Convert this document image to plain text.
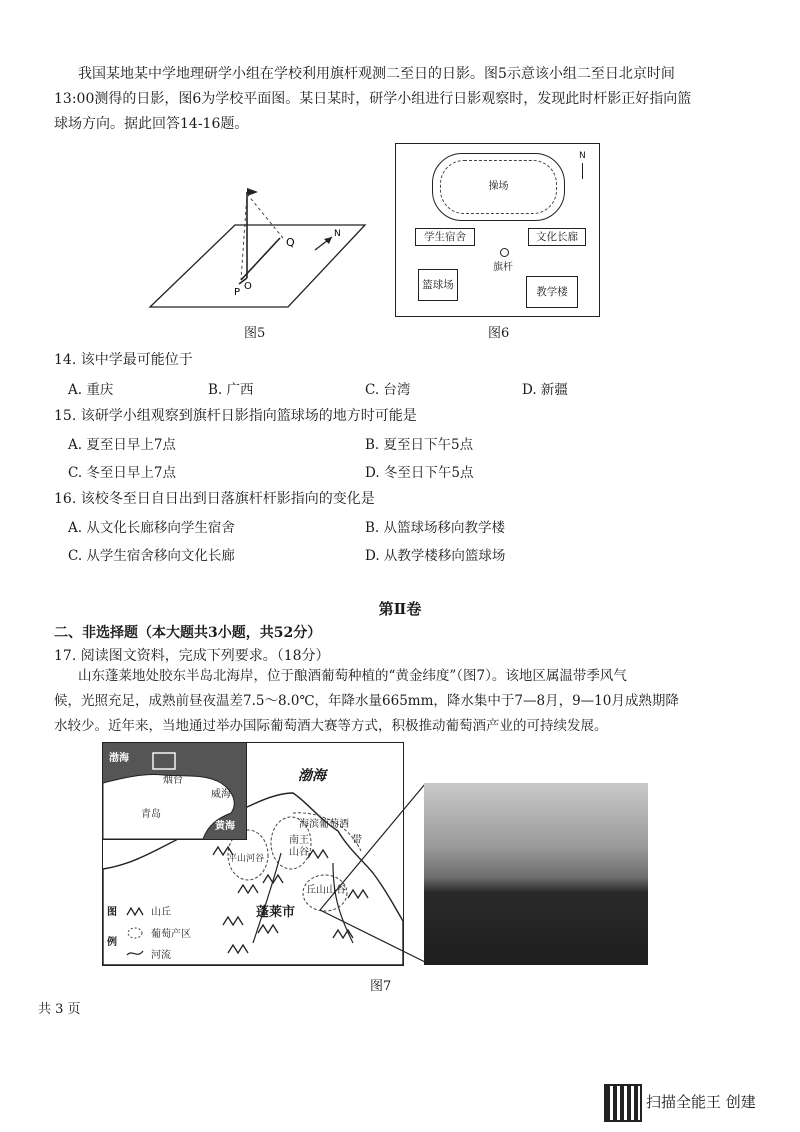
我国某地某中学地理研学小组在学校利用旗杆观测二至日的日影。图5示意该小组二至日北京时间
13:00测得的日影，图6为学校平面图。某日某时，研学小组进行日影观察时，发现此时杆影正好指向篮
球场方向。据此回答14-16题。
Q
O
P
N
图5
操场
学生宿舍	文化长廊
旗杆
篮球场
教学楼
N
图6
14. 该中学最可能位于
A. 重庆	B. 广西	C. 台湾	D. 新疆
15. 该研学小组观察到旗杆日影指向篮球场的地方时可能是
A. 夏至日早上7点	B. 夏至日下午5点
C. 冬至日早上7点	D. 冬至日下午5点
16. 该校冬至日自日出到日落旗杆杆影指向的变化是
A. 从文化长廊移向学生宿舍	B. 从篮球场移向教学楼
C. 从学生宿舍移向文化长廊	D. 从教学楼移向篮球场
第Ⅱ卷
二、非选择题（本大题共3小题，共52分）
17. 阅读图文资料，完成下列要求。（18分）
山东蓬莱地处胶东半岛北海岸，位于酿酒葡萄种植的“黄金纬度”（图7）。该地区属温带季风气
候，光照充足，成熟前昼夜温差7.5～8.0℃，年降水量665mm，降水集中于7—8月，9—10月成熟期降
水较少。近年来，当地通过举办国际葡萄酒大赛等方式，积极推动葡萄酒产业的可持续发展。
渤海
烟台
威海
青岛
黄海
渤海
海滨葡萄酒
带
南王
山谷
平山河谷
丘山山谷
蓬莱市
图
例
山丘
葡萄产区
河流
图7
共 3 页
扫描全能王 创建
